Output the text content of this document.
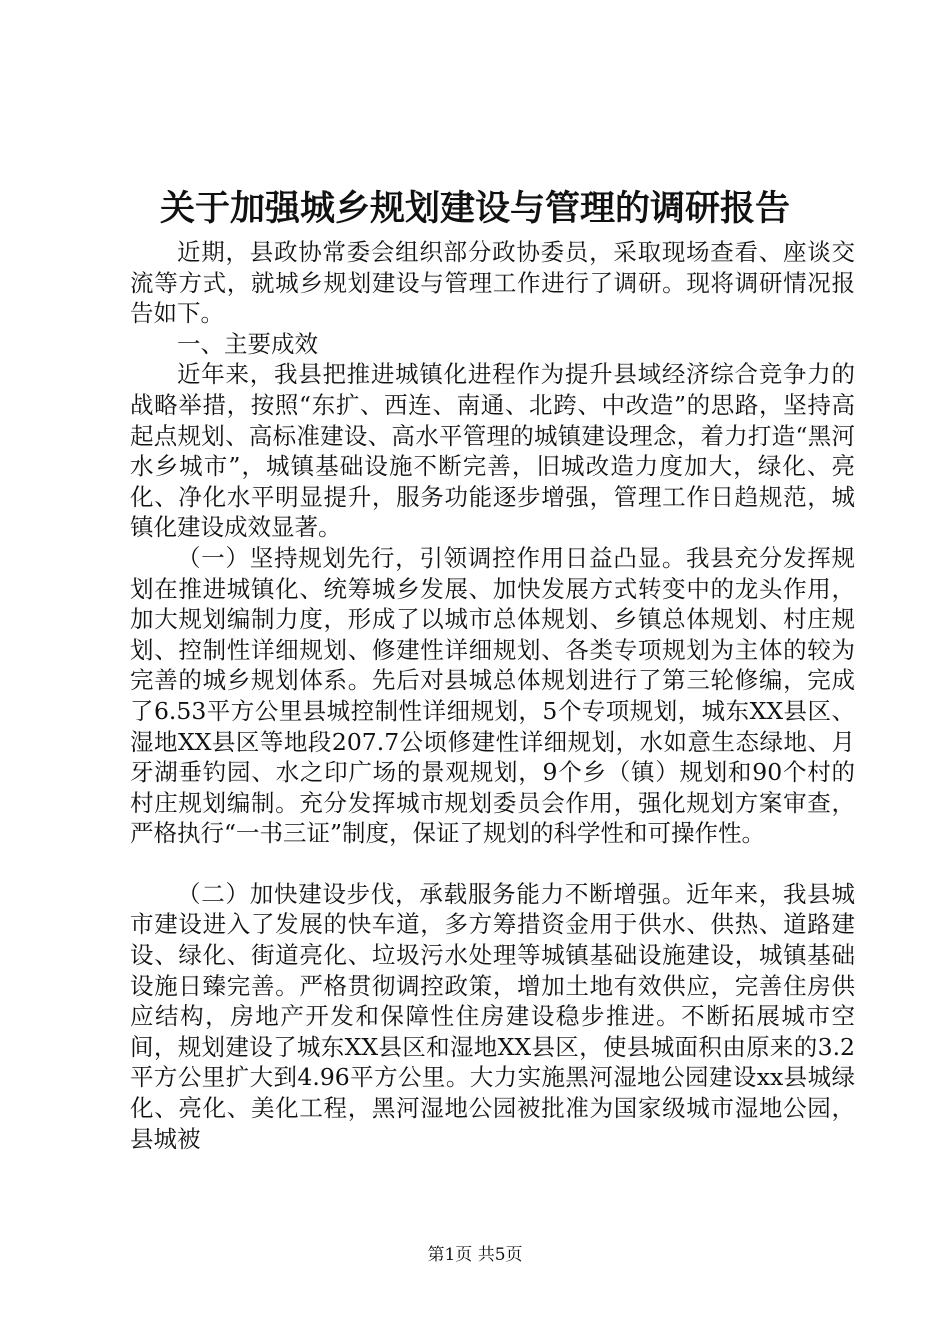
关于加强城乡规划建设与管理的调研报告

近期，县政协常委会组织部分政协委员，采取现场查看、座谈交流等方式，就城乡规划建设与管理工作进行了调研。现将调研情况报告如下。

一、主要成效

近年来，我县把推进城镇化进程作为提升县域经济综合竞争力的战略举措，按照“东扩、西连、南通、北跨、中改造”的思路，坚持高起点规划、高标准建设、高水平管理的城镇建设理念，着力打造“黑河水乡城市”，城镇基础设施不断完善，旧城改造力度加大，绿化、亮化、净化水平明显提升，服务功能逐步增强，管理工作日趋规范，城镇化建设成效显著。

（一）坚持规划先行，引领调控作用日益凸显。我县充分发挥规划在推进城镇化、统筹城乡发展、加快发展方式转变中的龙头作用，加大规划编制力度，形成了以城市总体规划、乡镇总体规划、村庄规划、控制性详细规划、修建性详细规划、各类专项规划为主体的较为完善的城乡规划体系。先后对县城总体规划进行了第三轮修编，完成了6.53平方公里县城控制性详细规划，5个专项规划，城东XX县区、湿地XX县区等地段207.7公顷修建性详细规划，水如意生态绿地、月牙湖垂钓园、水之印广场的景观规划，9个乡（镇）规划和90个村的村庄规划编制。充分发挥城市规划委员会作用，强化规划方案审查，严格执行“一书三证”制度，保证了规划的科学性和可操作性。

（二）加快建设步伐，承载服务能力不断增强。近年来，我县城市建设进入了发展的快车道，多方筹措资金用于供水、供热、道路建设、绿化、街道亮化、垃圾污水处理等城镇基础设施建设，城镇基础设施日臻完善。严格贯彻调控政策，增加土地有效供应，完善住房供应结构，房地产开发和保障性住房建设稳步推进。不断拓展城市空间，规划建设了城东XX县区和湿地XX县区，使县城面积由原来的3.2平方公里扩大到4.96平方公里。大力实施黑河湿地公园建设xx县城绿化、亮化、美化工程，黑河湿地公园被批准为国家级城市湿地公园，县城被

第1页 共5页
